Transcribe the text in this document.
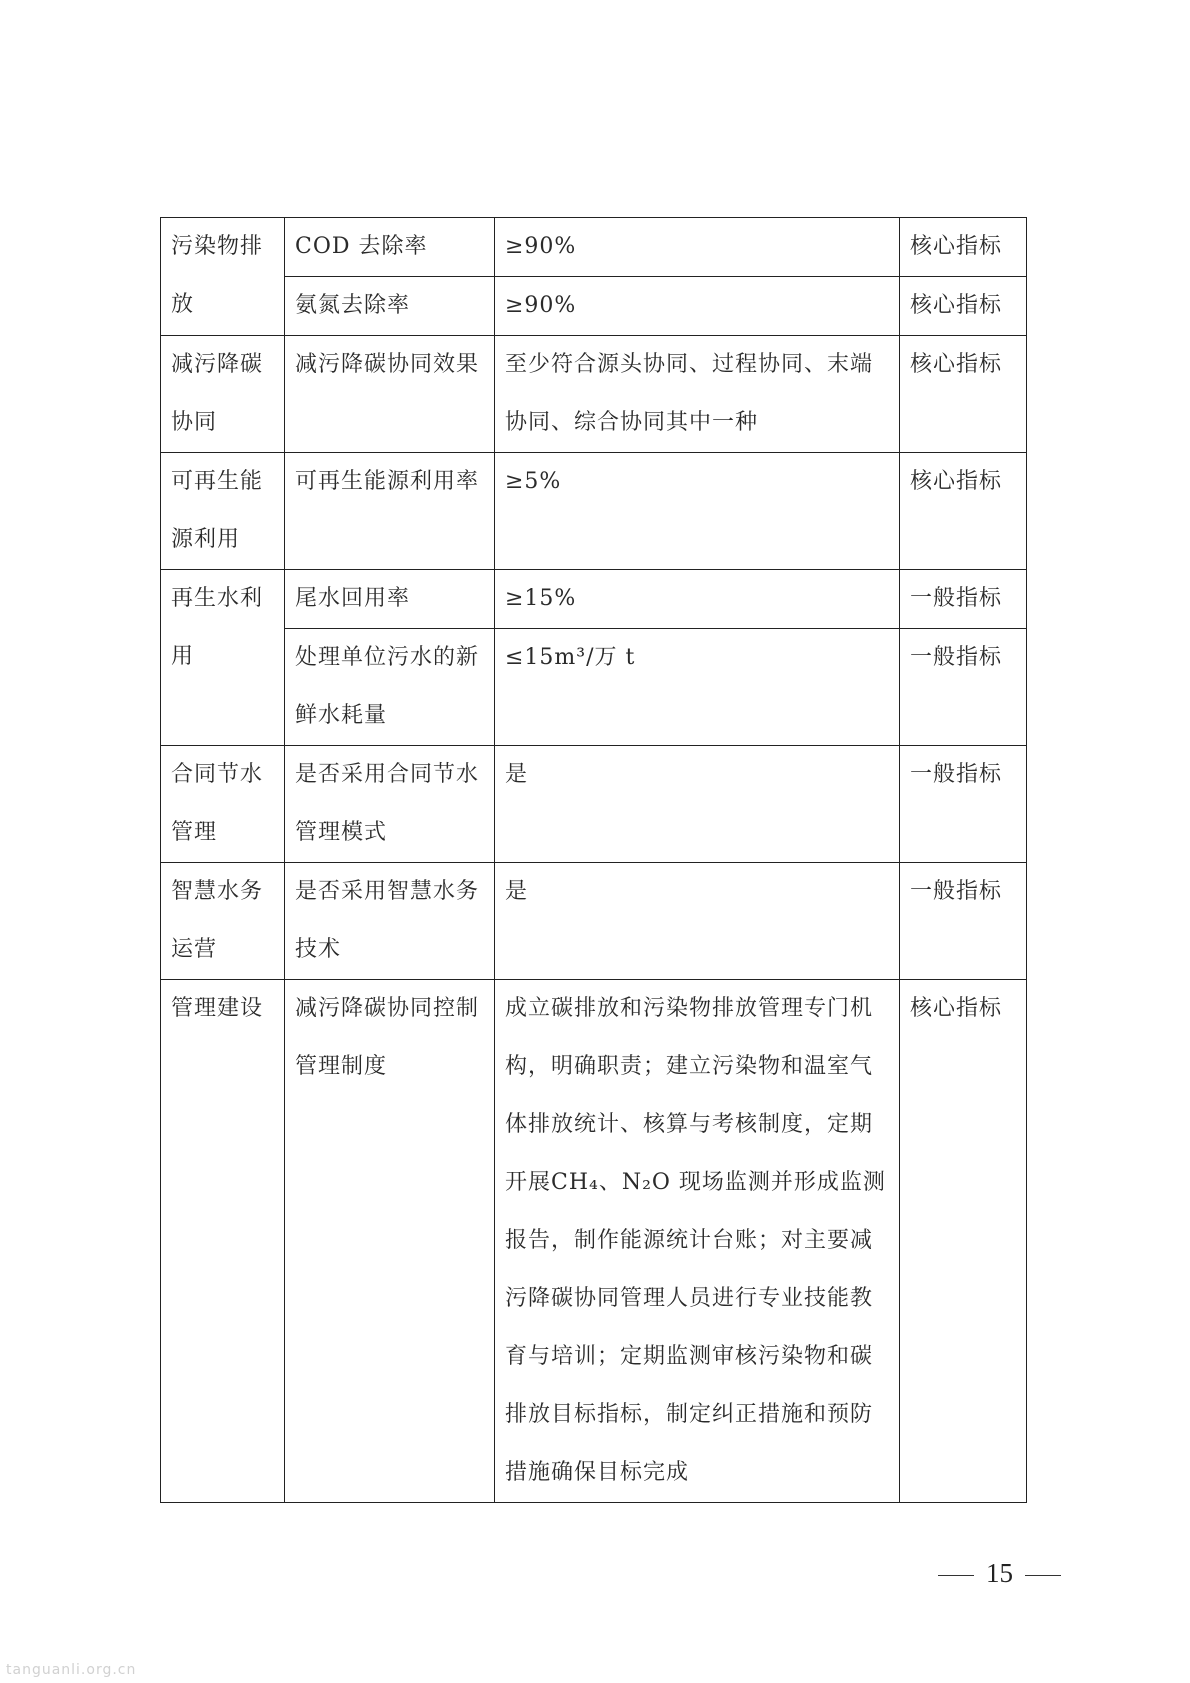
污染物排放	COD 去除率	≥90%	核心指标
	氨氮去除率	≥90%	核心指标
减污降碳协同	减污降碳协同效果	至少符合源头协同、过程协同、末端协同、综合协同其中一种	核心指标
可再生能源利用	可再生能源利用率	≥5%	核心指标
再生水利用	尾水回用率	≥15%	一般指标
	处理单位污水的新鲜水耗量	≤15m³/万 t	一般指标
合同节水管理	是否采用合同节水管理模式	是	一般指标
智慧水务运营	是否采用智慧水务技术	是	一般指标
管理建设	减污降碳协同控制管理制度	成立碳排放和污染物排放管理专门机构，明确职责；建立污染物和温室气体排放统计、核算与考核制度，定期开展CH₄、N₂O 现场监测并形成监测报告，制作能源统计台账；对主要减污降碳协同管理人员进行专业技能教育与培训；定期监测审核污染物和碳排放目标指标，制定纠正措施和预防措施确保目标完成	核心指标
15
tanguanli.org.cn
